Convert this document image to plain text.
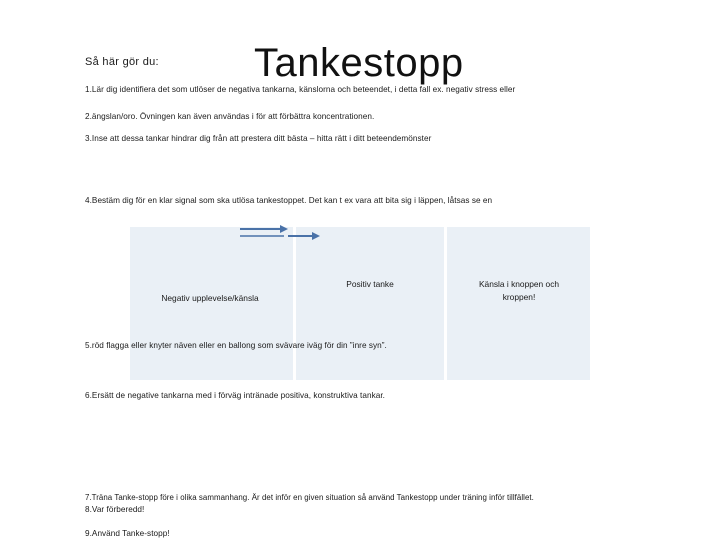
Negativ upplevelse/känsla
Positiv tanke	Känsla i knoppen och
kroppen!
Så här gör du: Tankestopp
1.Lär dig identifiera det som utlöser de negativa tankarna, känslorna och beteendet, i detta fall ex. negativ stress eller
2.ängslan/oro. Övningen kan även användas i för att förbättra koncentrationen.
3.Inse att dessa tankar hindrar dig från att prestera ditt bästa – hitta rätt i ditt beteendemönster
4.Bestäm dig för en klar signal som ska utlösa tankestoppet. Det kan t ex vara att bita sig i läppen, låtsas se en
5.röd flagga eller knyter näven eller en ballong som svävare iväg för din ”inre syn”.
6.Ersätt de negative tankarna med i förväg intränade positiva, konstruktiva tankar.
7.Träna Tanke-stopp före i olika sammanhang. Är det inför en given situation så använd Tankestopp under träning inför tillfället.
8.Var förberedd!
9.Använd Tanke-stopp!
